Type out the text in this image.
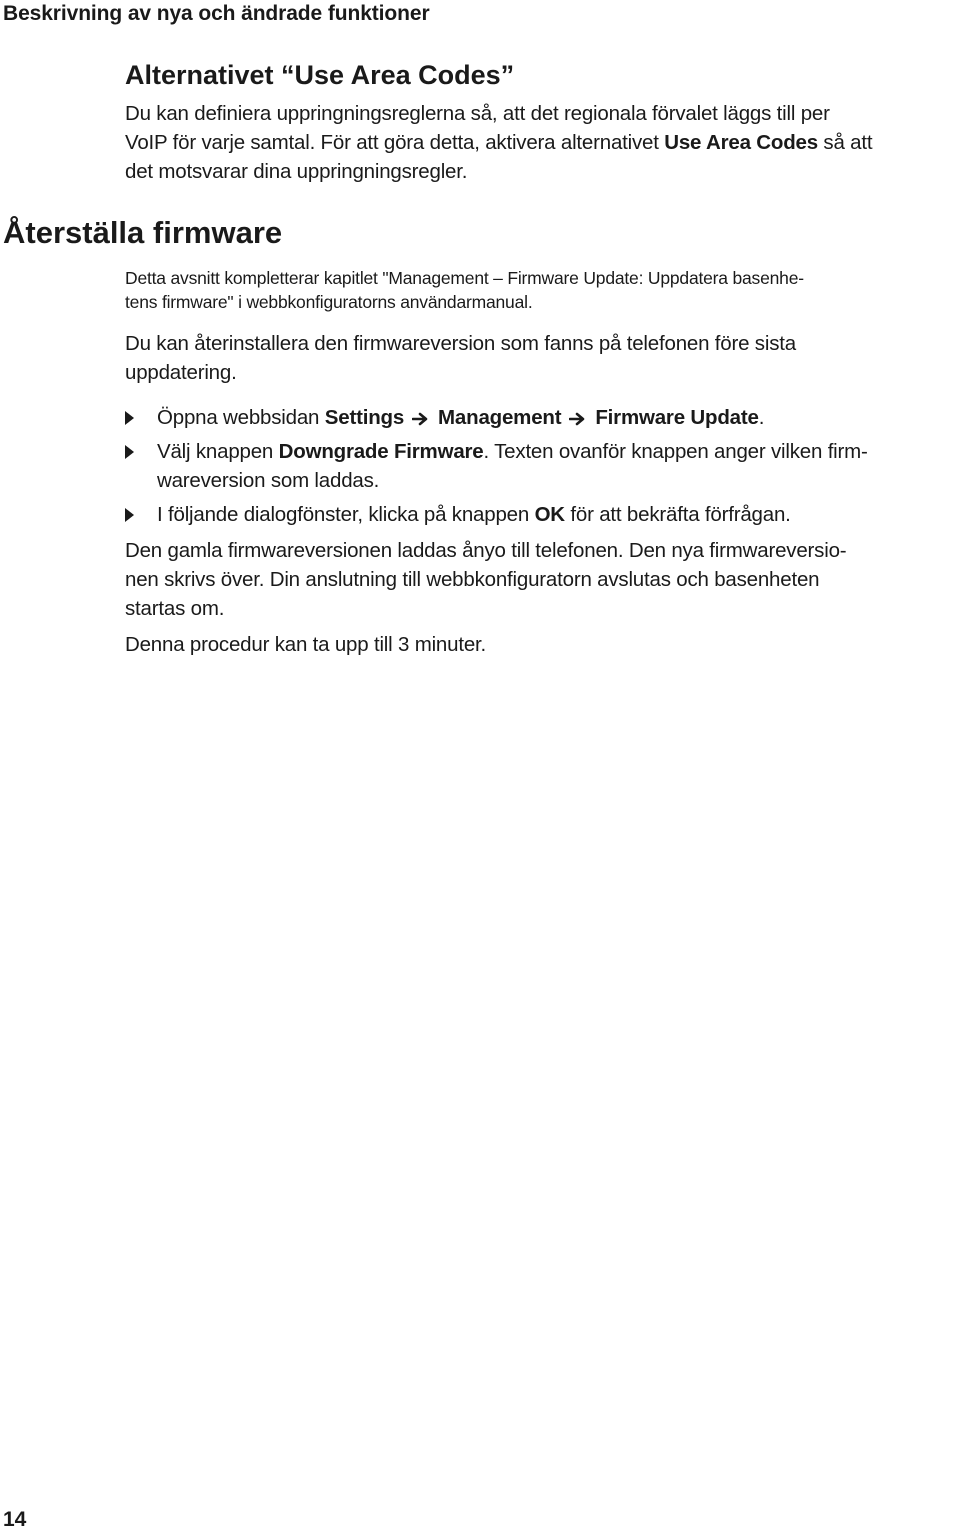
Beskrivning av nya och ändrade funktioner
Alternativet “Use Area Codes”
Du kan definiera uppringningsreglerna så, att det regionala förvalet läggs till per
VoIP för varje samtal. För att göra detta, aktivera alternativet Use Area Codes så att
det motsvarar dina uppringningsregler.
Återställa firmware
Detta avsnitt kompletterar kapitlet "Management – Firmware Update: Uppdatera basenhe-
tens firmware" i webbkonfiguratorns användarmanual.
Du kan återinstallera den firmwareversion som fanns på telefonen före sista
uppdatering.
Öppna webbsidan Settings Management Firmware Update.
Välj knappen Downgrade Firmware. Texten ovanför knappen anger vilken firm-
wareversion som laddas.
I följande dialogfönster, klicka på knappen OK för att bekräfta förfrågan.
Den gamla firmwareversionen laddas ånyo till telefonen. Den nya firmwareversio-
nen skrivs över. Din anslutning till webbkonfiguratorn avslutas och basenheten
startas om.
Denna procedur kan ta upp till 3 minuter.
14
